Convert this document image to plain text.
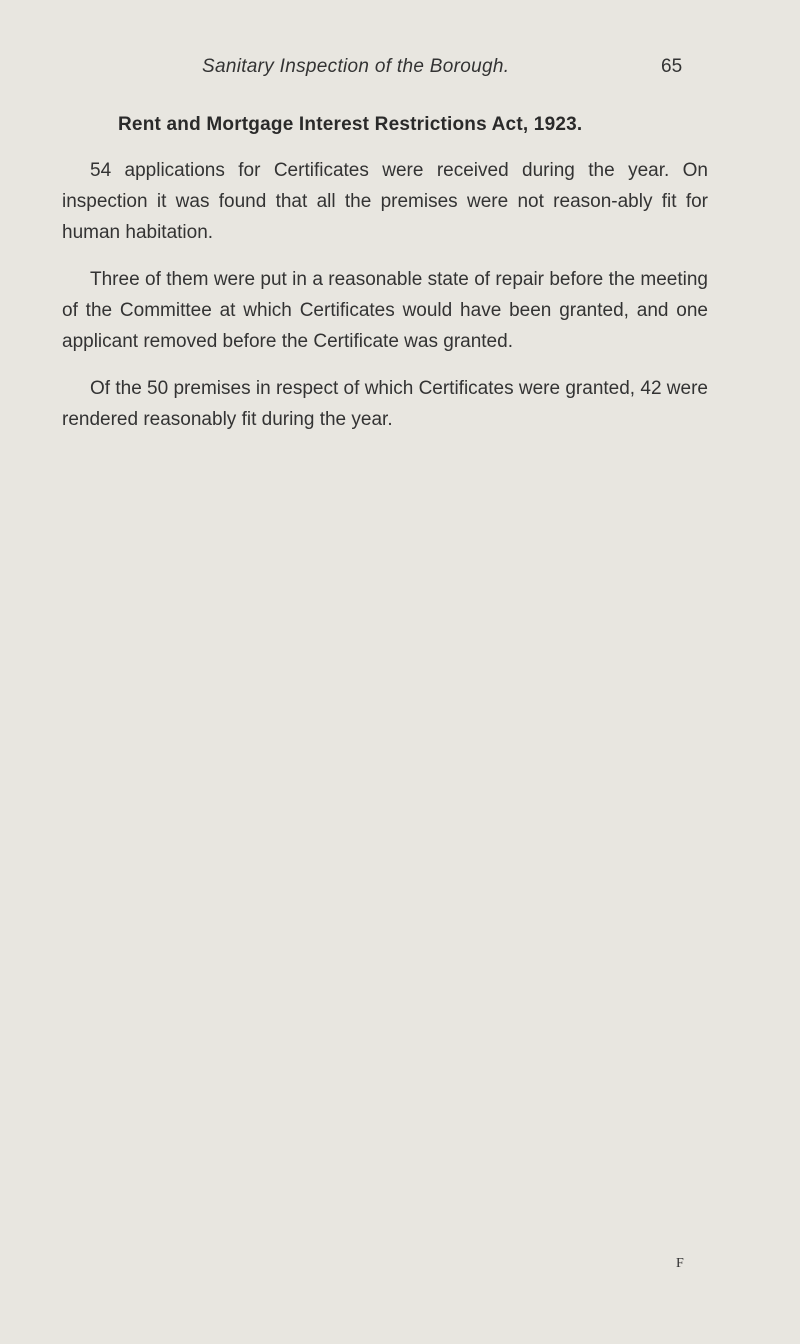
Sanitary Inspection of the Borough.	65
Rent and Mortgage Interest Restrictions Act, 1923.

54 applications for Certificates were received during the year. On inspection it was found that all the premises were not reason-ably fit for human habitation.

Three of them were put in a reasonable state of repair before the meeting of the Committee at which Certificates would have been granted, and one applicant removed before the Certificate was granted.

Of the 50 premises in respect of which Certificates were granted, 42 were rendered reasonably fit during the year.

F
